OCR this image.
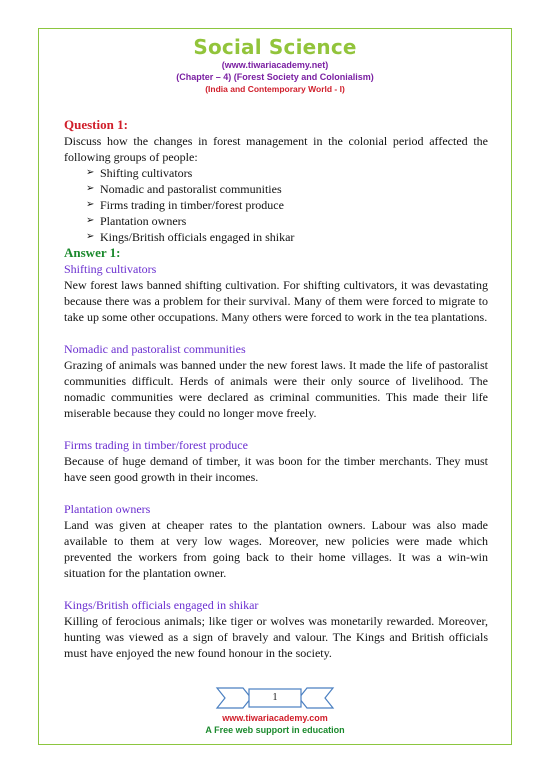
Social Science
(www.tiwariacademy.net)
(Chapter – 4) (Forest Society and Colonialism)
(India and Contemporary World - I)
Question 1:

Discuss how the changes in forest management in the colonial period affected the following groups of people:

➢ Shifting cultivators
➢ Nomadic and pastoralist communities
➢ Firms trading in timber/forest produce
➢ Plantation owners
➢ Kings/British officials engaged in shikar
Answer 1:
Shifting cultivators

New forest laws banned shifting cultivation. For shifting cultivators, it was devastating because there was a problem for their survival. Many of them were forced to migrate to take up some other occupations. Many others were forced to work in the tea plantations.

Nomadic and pastoralist communities

Grazing of animals was banned under the new forest laws. It made the life of pastoralist communities difficult. Herds of animals were their only source of livelihood. The nomadic communities were declared as criminal communities. This made their life miserable because they could no longer move freely.

Firms trading in timber/forest produce

Because of huge demand of timber, it was boon for the timber merchants. They must have seen good growth in their incomes.

Plantation owners

Land was given at cheaper rates to the plantation owners. Labour was also made available to them at very low wages. Moreover, new policies were made which prevented the workers from going back to their home villages. It was a win-win situation for the plantation owner.

Kings/British officials engaged in shikar

Killing of ferocious animals; like tiger or wolves was monetarily rewarded. Moreover, hunting was viewed as a sign of bravely and valour. The Kings and British officials must have enjoyed the new found honour in the society.

1
www.tiwariacademy.com
A Free web support in education
